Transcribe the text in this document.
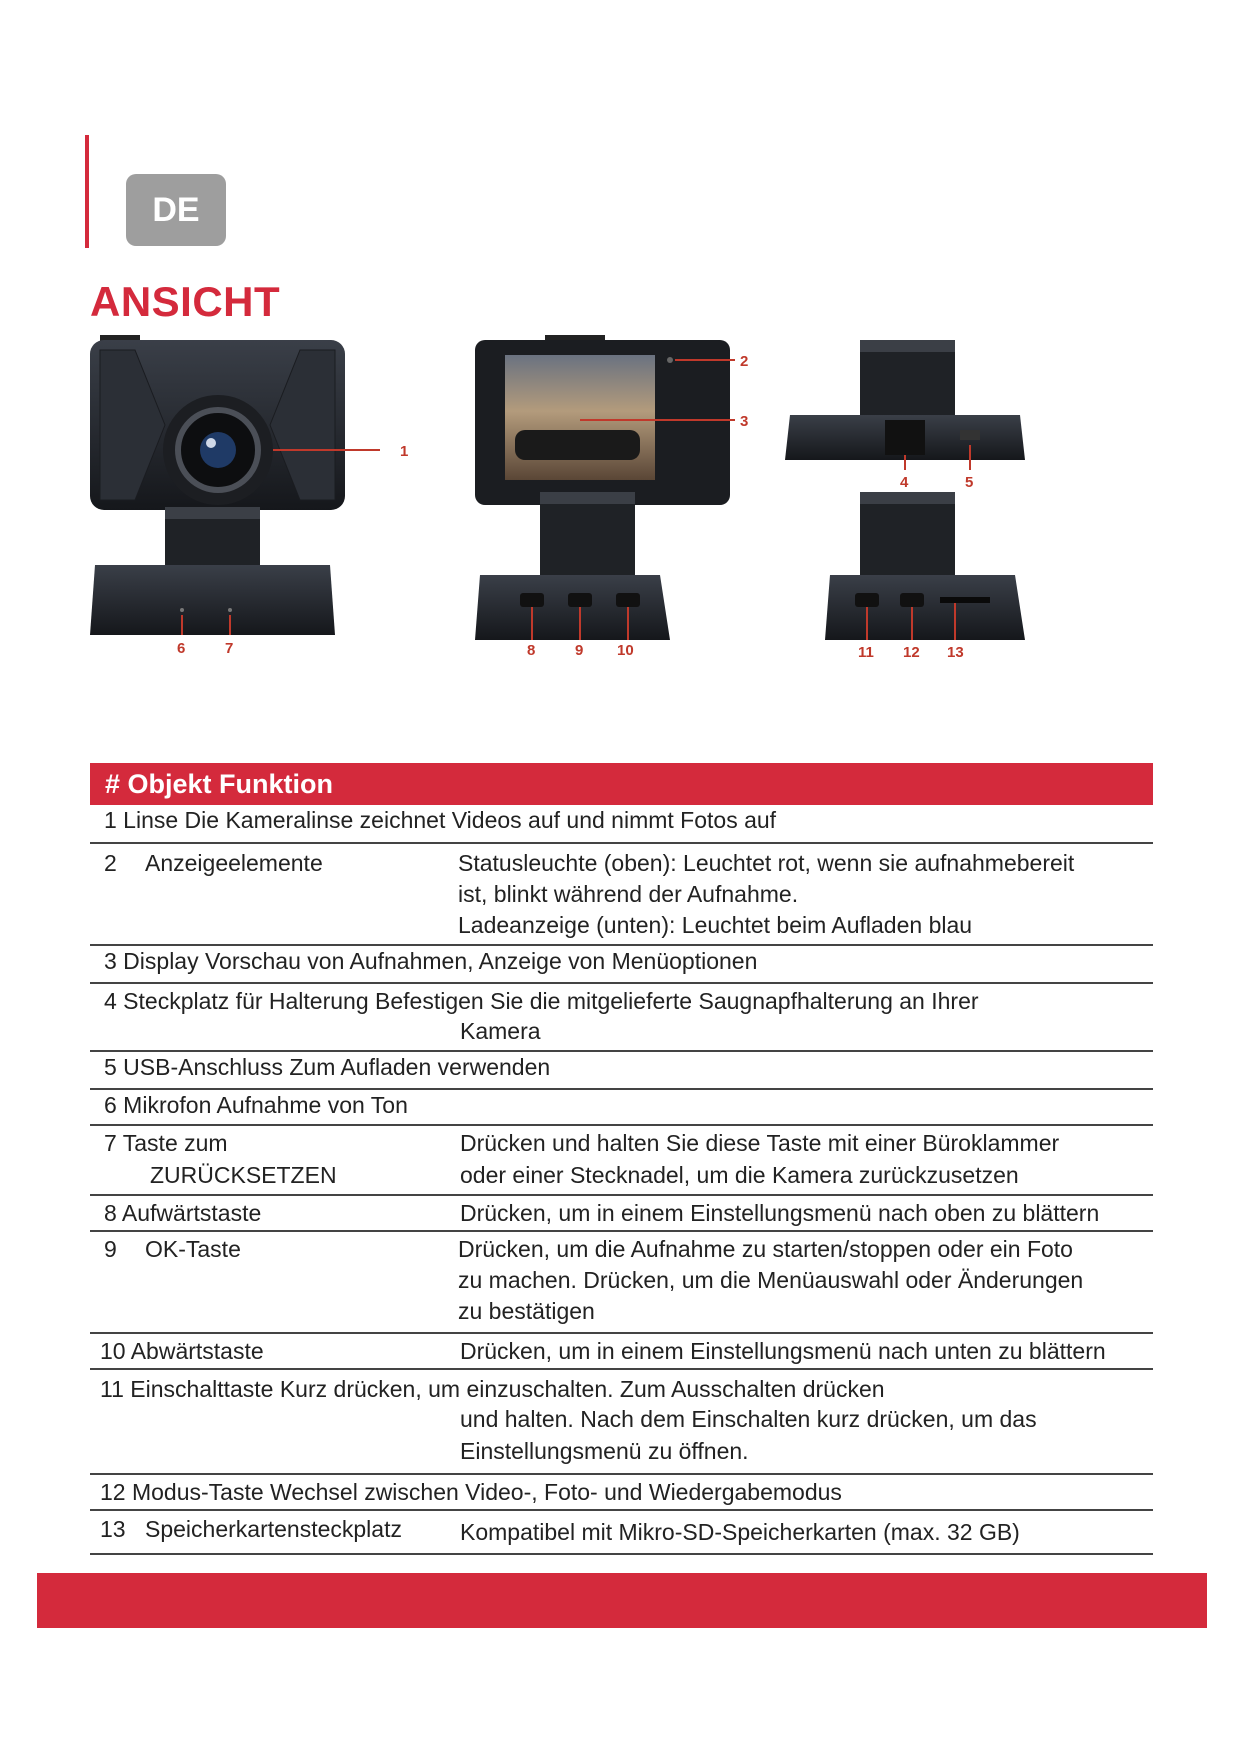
DE
ANSICHT
1
2
3
4	5
6	7	8	9 10	11 12 13
# Objekt Funktion
1 Linse Die Kameralinse zeichnet Videos auf und nimmt Fotos auf
2 Anzeigeelemente	Statusleuchte (oben): Leuchtet rot, wenn sie aufnahmebereit
ist, blinkt während der Aufnahme.
Ladeanzeige (unten): Leuchtet beim Aufladen blau
3 Display Vorschau von Aufnahmen, Anzeige von Menüoptionen
4 Steckplatz für Halterung Befestigen Sie die mitgelieferte Saugnapfhalterung an Ihrer
Kamera
5 USB-Anschluss Zum Aufladen verwenden
6 Mikrofon Aufnahme von Ton
7 Taste zum
ZURÜCKSETZEN
Drücken und halten Sie diese Taste mit einer Büroklammer
oder einer Stecknadel, um die Kamera zurückzusetzen
8 Aufwärtstaste	Drücken, um in einem Einstellungsmenü nach oben zu blättern
9 OK-Taste	Drücken, um die Aufnahme zu starten/stoppen oder ein Foto
zu machen. Drücken, um die Menüauswahl oder Änderungen
zu bestätigen
10 Abwärtstaste	Drücken, um in einem Einstellungsmenü nach unten zu blättern
11 Einschalttaste Kurz drücken, um einzuschalten. Zum Ausschalten drücken
und halten. Nach dem Einschalten kurz drücken, um das
Einstellungsmenü zu öffnen.
12 Modus-Taste Wechsel zwischen Video-, Foto- und Wiedergabemodus
13 Speicherkartensteckplatz	Kompatibel mit Mikro-SD-Speicherkarten (max. 32 GB)
